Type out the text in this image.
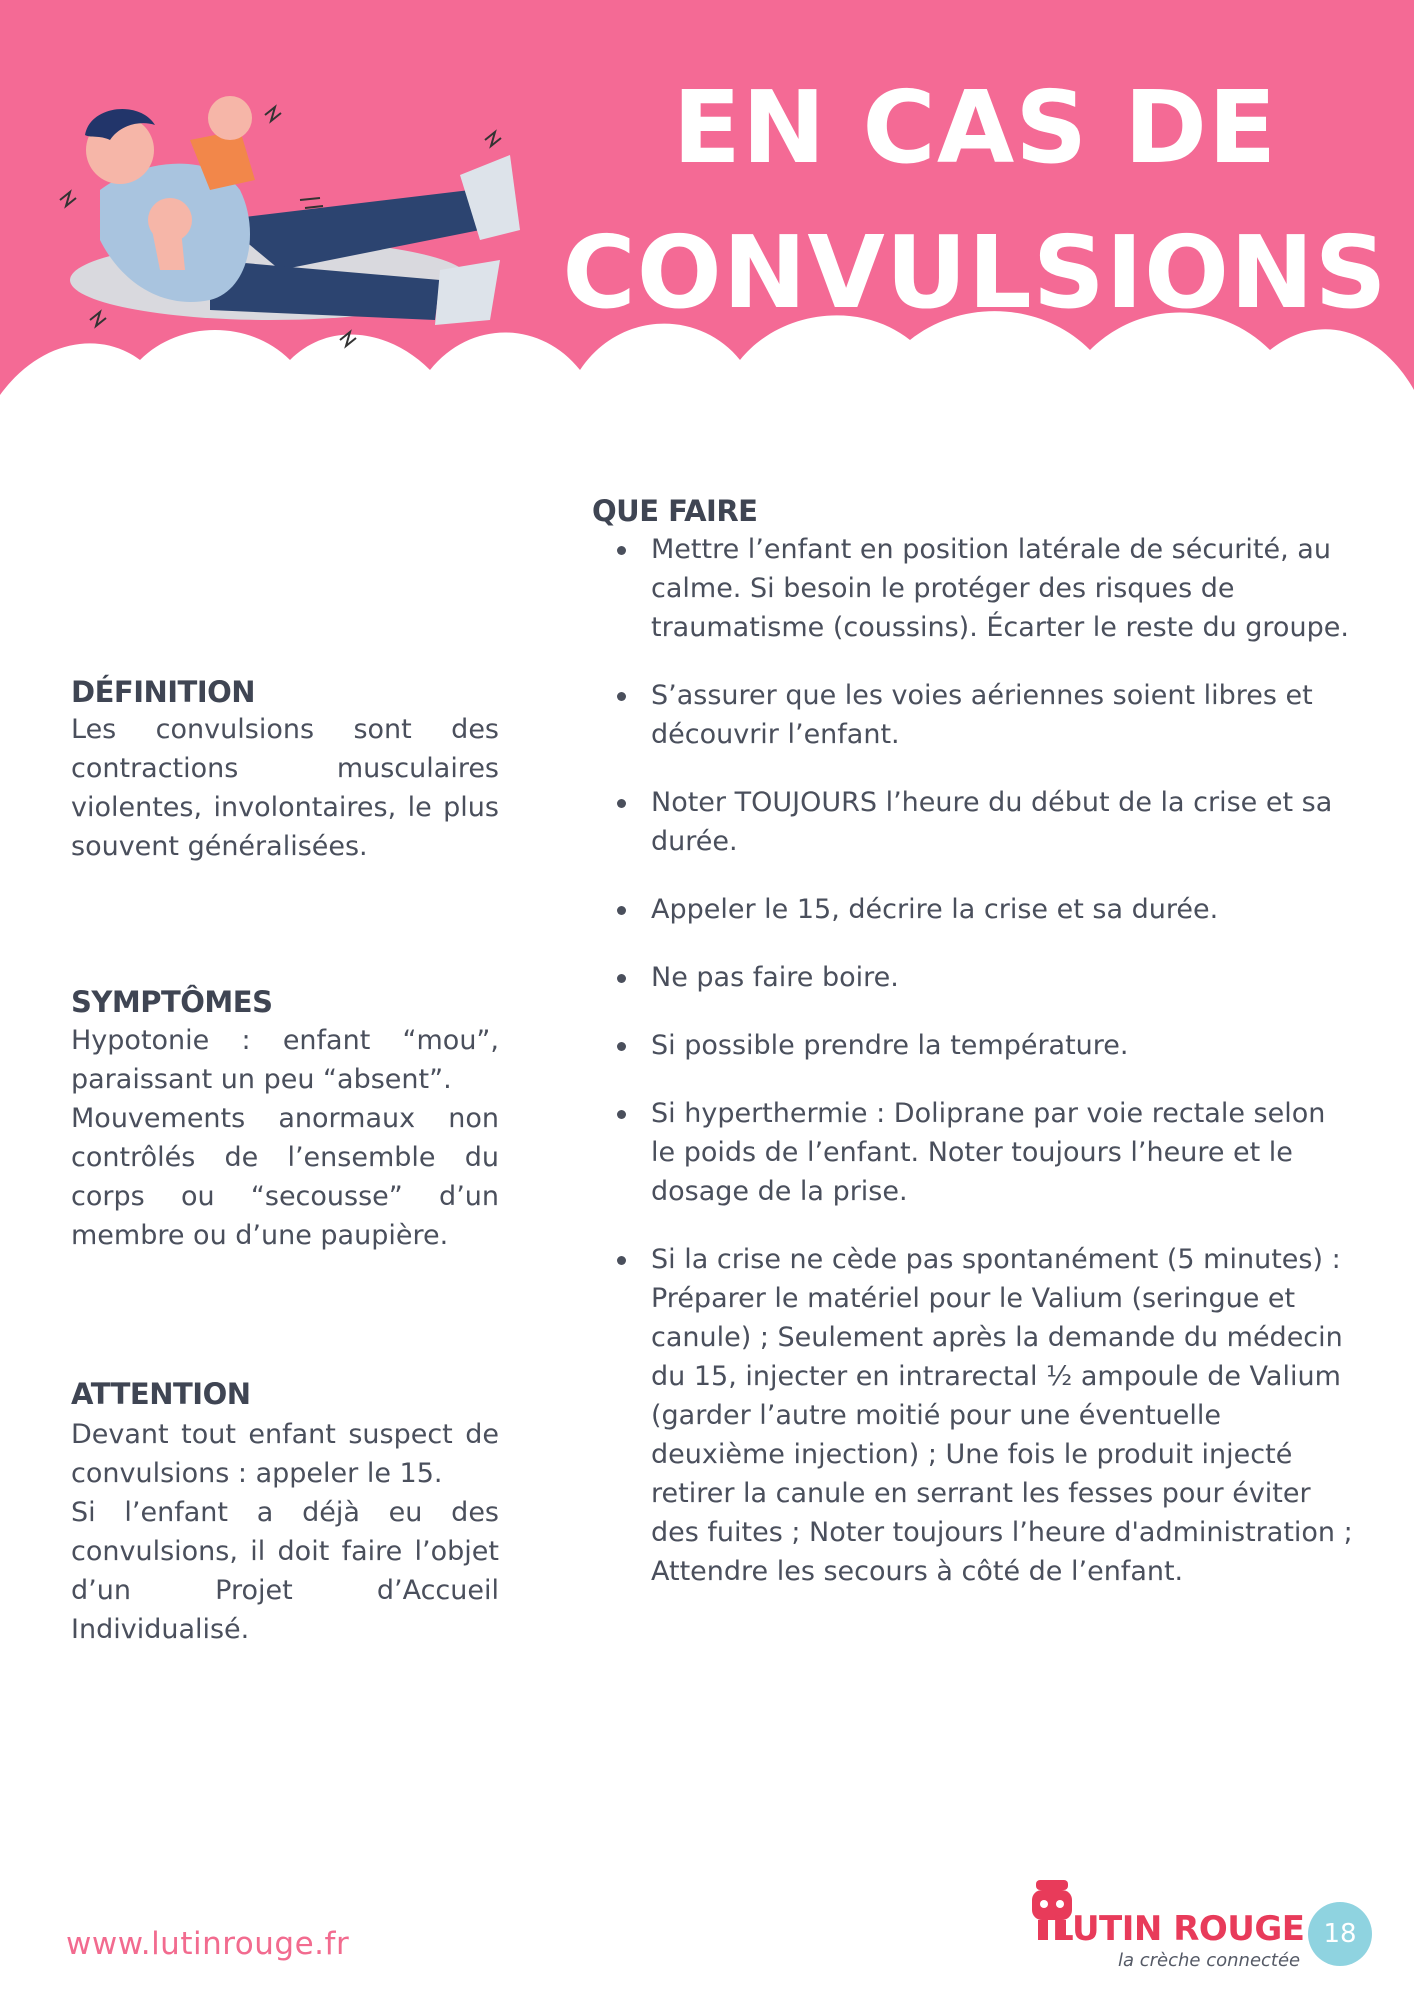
EN CAS DE
CONVULSIONS
DÉFINITION
Les convulsions sont des contractions musculaires violentes, involontaires, le plus souvent généralisées.
SYMPTÔMES
Hypotonie : enfant “mou”, paraissant un peu “absent”.
Mouvements anormaux non contrôlés de l’ensemble du corps ou “secousse” d’un membre ou d’une paupière.
ATTENTION
Devant tout enfant suspect de convulsions : appeler le 15.
Si l’enfant a déjà eu des convulsions, il doit faire l’objet d’un Projet d’Accueil Individualisé.
QUE FAIRE
Mettre l’enfant en position latérale de sécurité, au calme. Si besoin le protéger des risques de traumatisme (coussins). Écarter le reste du groupe.
S’assurer que les voies aériennes soient libres et découvrir l’enfant.
Noter TOUJOURS l’heure du début de la crise et sa durée.
Appeler le 15, décrire la crise et sa durée.
Ne pas faire boire.
Si possible prendre la température.
Si hyperthermie : Doliprane par voie rectale selon le poids de l’enfant. Noter toujours l’heure et le dosage de la prise.
Si la crise ne cède pas spontanément (5 minutes) : Préparer le matériel pour le Valium (seringue et canule) ; Seulement après la demande du médecin du 15, injecter en intrarectal ½ ampoule de Valium (garder l’autre moitié pour une éventuelle deuxième injection) ; Une fois le produit injecté retirer la canule en serrant les fesses pour éviter des fuites ; Noter toujours l’heure d'administration ; Attendre les secours à côté de l’enfant.
www.lutinrouge.fr	LUTIN ROUGE
la crèche connectée
18
